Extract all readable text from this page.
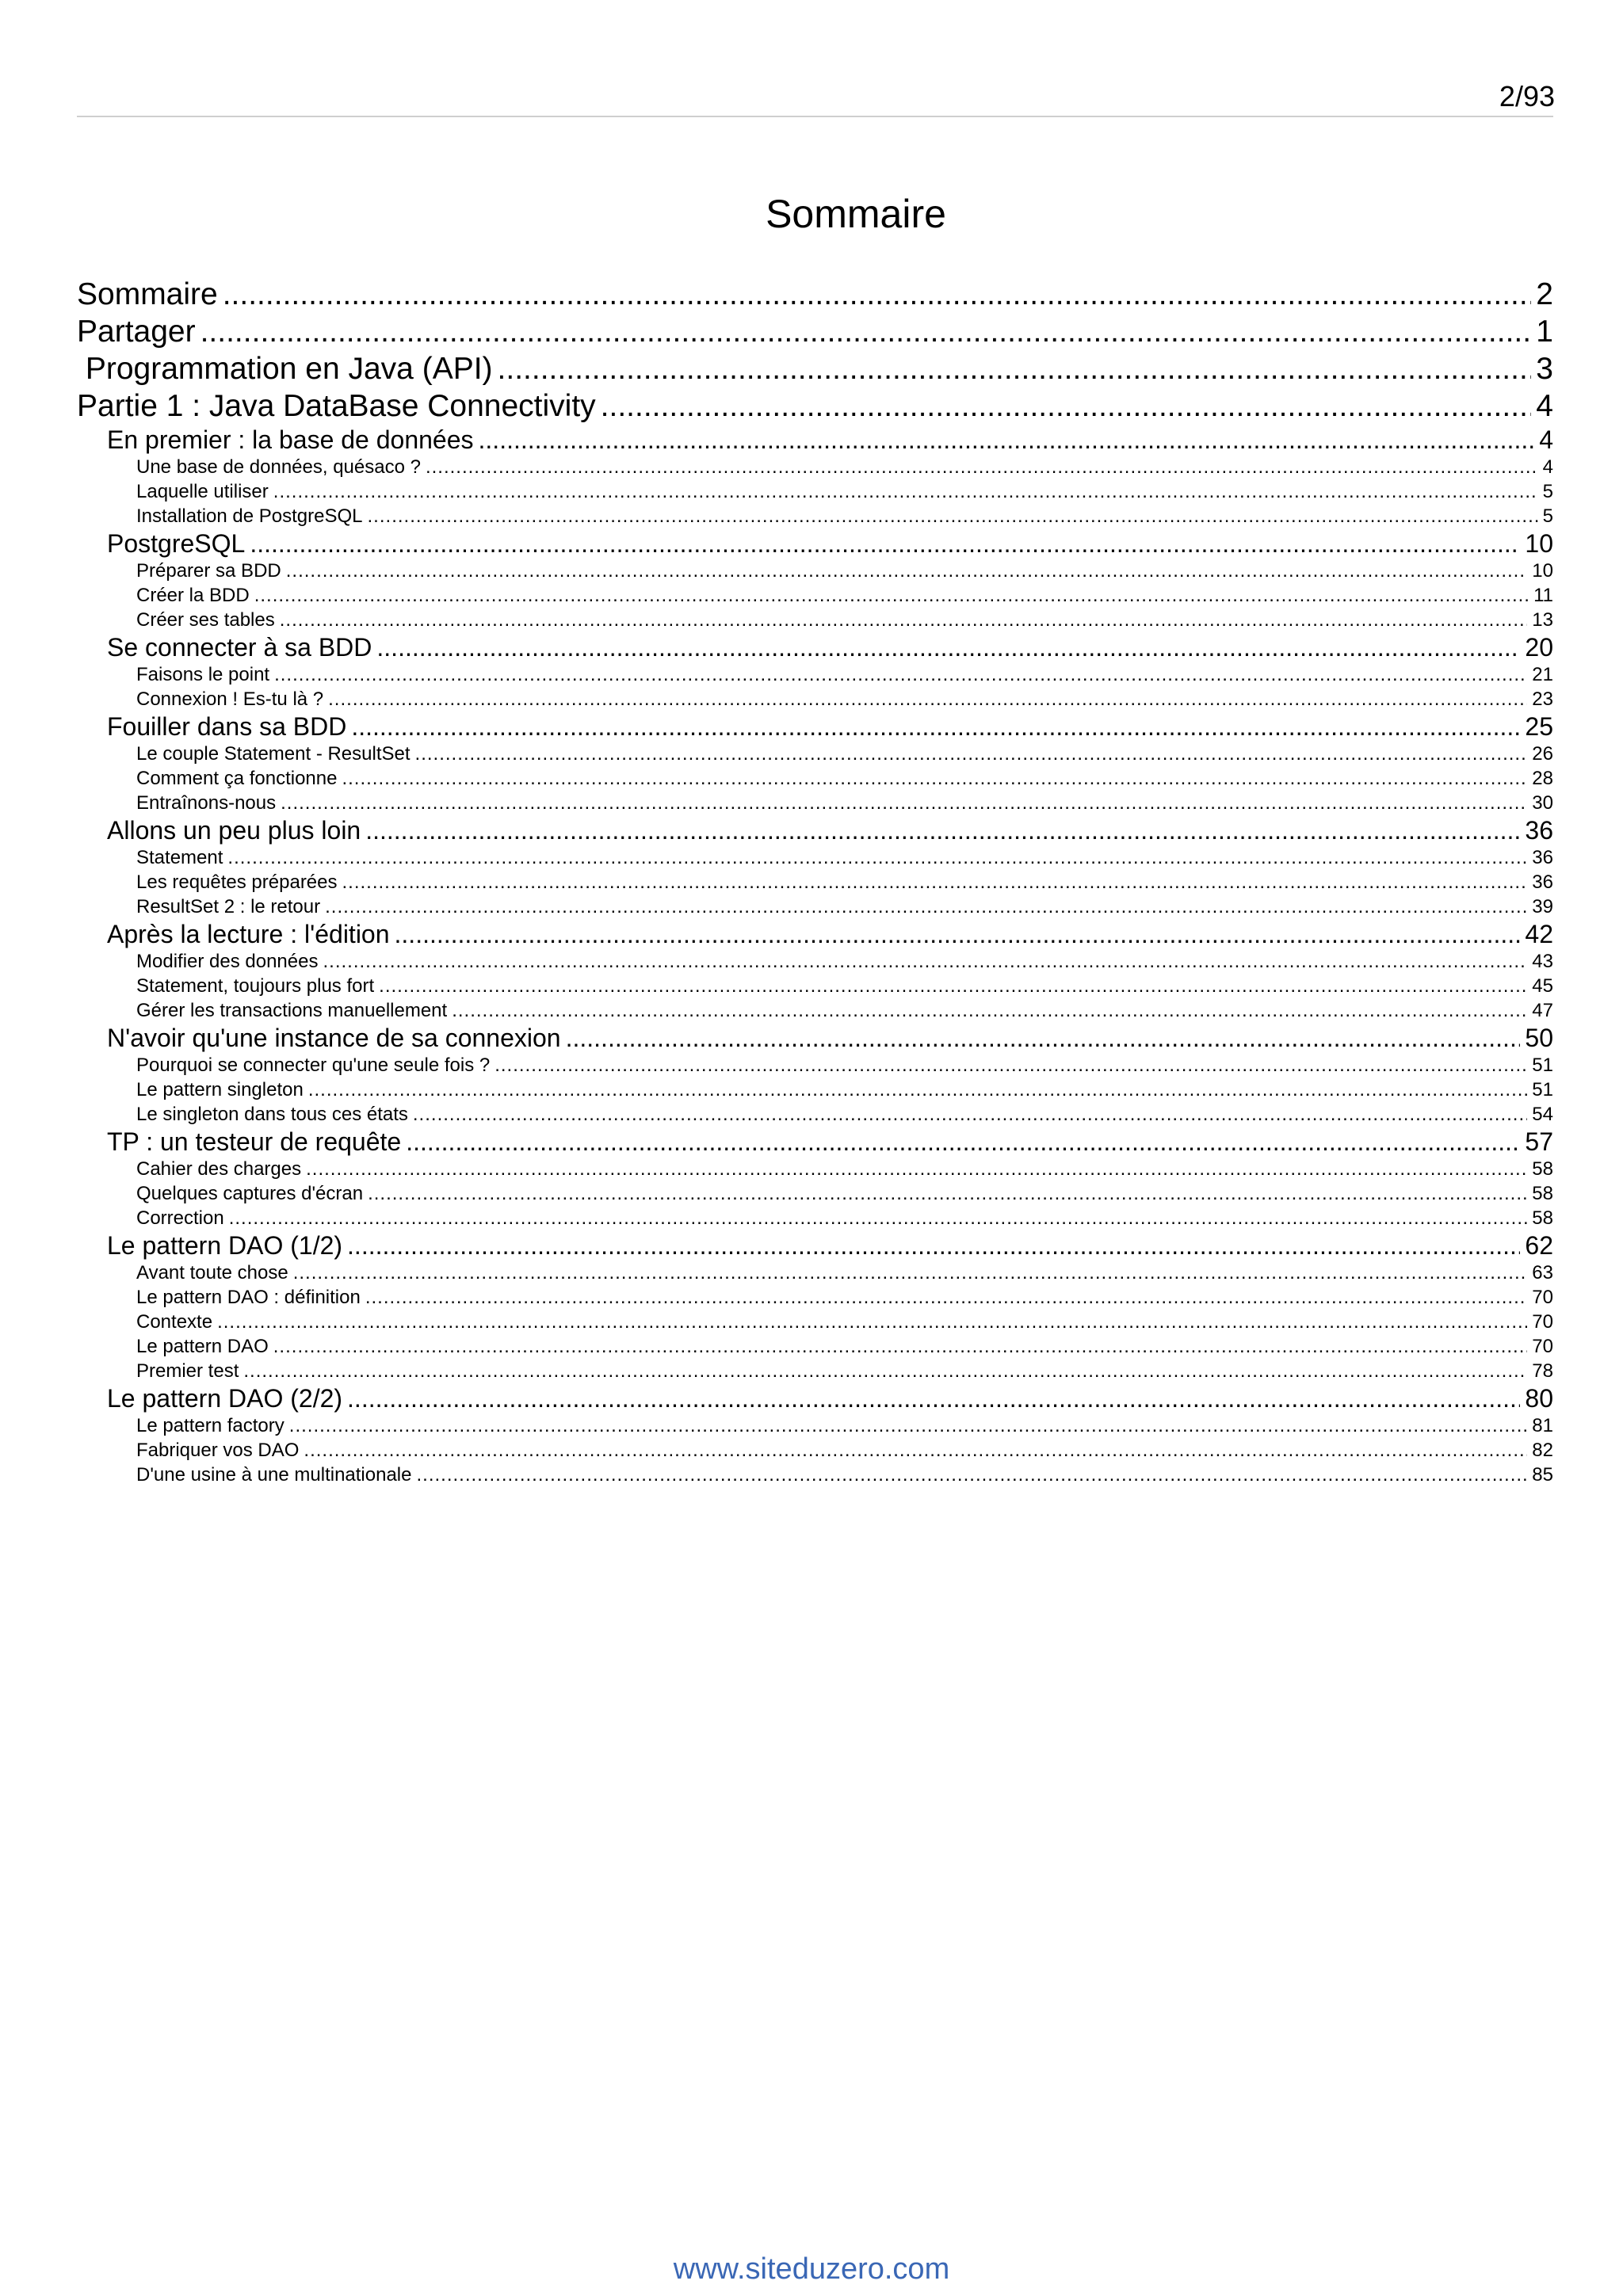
2/93
Sommaire
Sommaire .....	2
Partager .....	1
Programmation en Java (API) .....	3
Partie 1 : Java DataBase Connectivity .....	4
En premier : la base de données .....	4
Une base de données, quésaco ? .....	4
Laquelle utiliser .....	5
Installation de PostgreSQL .....	5
PostgreSQL .....	10
Préparer sa BDD .....	10
Créer la BDD .....	11
Créer ses tables .....	13
Se connecter à sa BDD .....	20
Faisons le point .....	21
Connexion ! Es-tu là ? .....	23
Fouiller dans sa BDD .....	25
Le couple Statement - ResultSet .....	26
Comment ça fonctionne .....	28
Entraînons-nous .....	30
Allons un peu plus loin .....	36
Statement .....	36
Les requêtes préparées .....	36
ResultSet 2 : le retour .....	39
Après la lecture : l'édition .....	42
Modifier des données .....	43
Statement, toujours plus fort .....	45
Gérer les transactions manuellement .....	47
N'avoir qu'une instance de sa connexion .....	50
Pourquoi se connecter qu'une seule fois ? .....	51
Le pattern singleton .....	51
Le singleton dans tous ces états .....	54
TP : un testeur de requête .....	57
Cahier des charges .....	58
Quelques captures d'écran .....	58
Correction .....	58
Le pattern DAO (1/2) .....	62
Avant toute chose .....	63
Le pattern DAO : définition .....	70
Contexte .....	70
Le pattern DAO .....	70
Premier test .....	78
Le pattern DAO (2/2) .....	80
Le pattern factory .....	81
Fabriquer vos DAO .....	82
D'une usine à une multinationale .....	85
www.siteduzero.com
